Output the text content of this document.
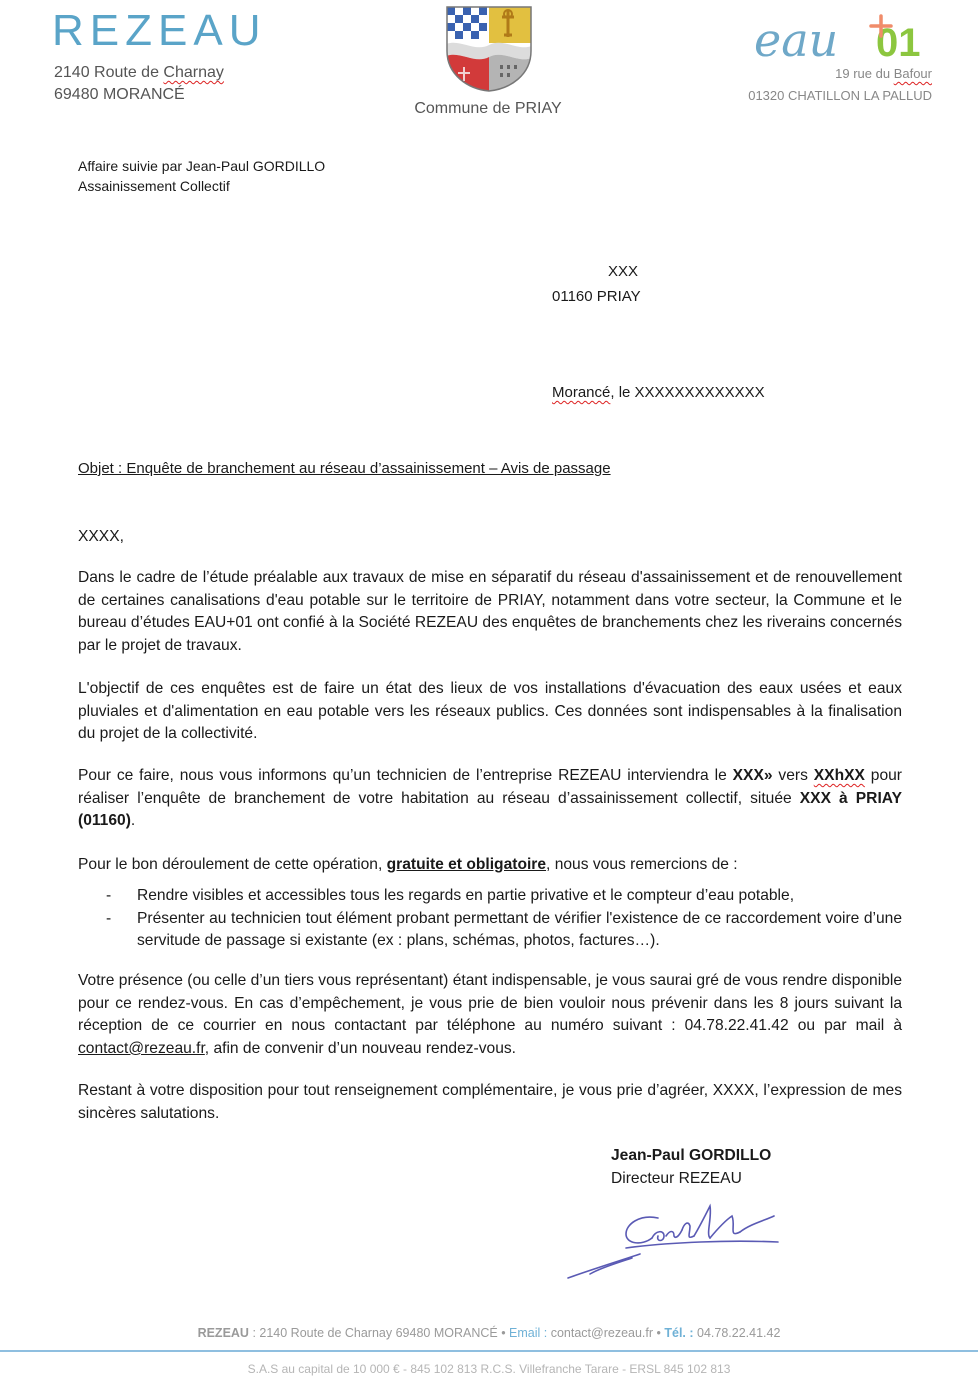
REZEAU
2140 Route de Charnay
69480 MORANCÉ
Commune de PRIAY
eau 01
19 rue du Bafour
01320 CHATILLON LA PALLUD
Affaire suivie par Jean-Paul GORDILLO
Assainissement Collectif
XXX
01160 PRIAY
Morancé, le XXXXXXXXXXXXX
Objet : Enquête de branchement au réseau d’assainissement – Avis de passage
XXXX,
Dans le cadre de l’étude préalable aux travaux de mise en séparatif du réseau d'assainissement et de renouvellement de certaines canalisations d'eau potable sur le territoire de PRIAY, notamment dans votre secteur, la Commune et le bureau d’études EAU+01 ont confié à la Société REZEAU des enquêtes de branchements chez les riverains concernés par le projet de travaux.
L'objectif de ces enquêtes est de faire un état des lieux de vos installations d'évacuation des eaux usées et eaux pluviales et d'alimentation en eau potable vers les réseaux publics. Ces données sont indispensables à la finalisation du projet de la collectivité.
Pour ce faire, nous vous informons qu’un technicien de l’entreprise REZEAU interviendra le XXX» vers XXhXX pour réaliser l’enquête de branchement de votre habitation au réseau d’assainissement collectif, située XXX à PRIAY (01160).
Pour le bon déroulement de cette opération, gratuite et obligatoire, nous vous remercions de :
- Rendre visibles et accessibles tous les regards en partie privative et le compteur d’eau potable,
- Présenter au technicien tout élément probant permettant de vérifier l'existence de ce raccordement voire d’une servitude de passage si existante (ex : plans, schémas, photos, factures…).
Votre présence (ou celle d’un tiers vous représentant) étant indispensable, je vous saurai gré de vous rendre disponible pour ce rendez-vous. En cas d’empêchement, je vous prie de bien vouloir nous prévenir dans les 8 jours suivant la réception de ce courrier en nous contactant par téléphone au numéro suivant : 04.78.22.41.42 ou par mail à contact@rezeau.fr, afin de convenir d’un nouveau rendez-vous.
Restant à votre disposition pour tout renseignement complémentaire, je vous prie d’agréer, XXXX, l’expression de mes sincères salutations.
Jean-Paul GORDILLO
Directeur REZEAU
REZEAU : 2140 Route de Charnay 69480 MORANCÉ • Email : contact@rezeau.fr • Tél. : 04.78.22.41.42
S.A.S au capital de 10 000 € - 845 102 813 R.C.S. Villefranche Tarare - ERSL 845 102 813
